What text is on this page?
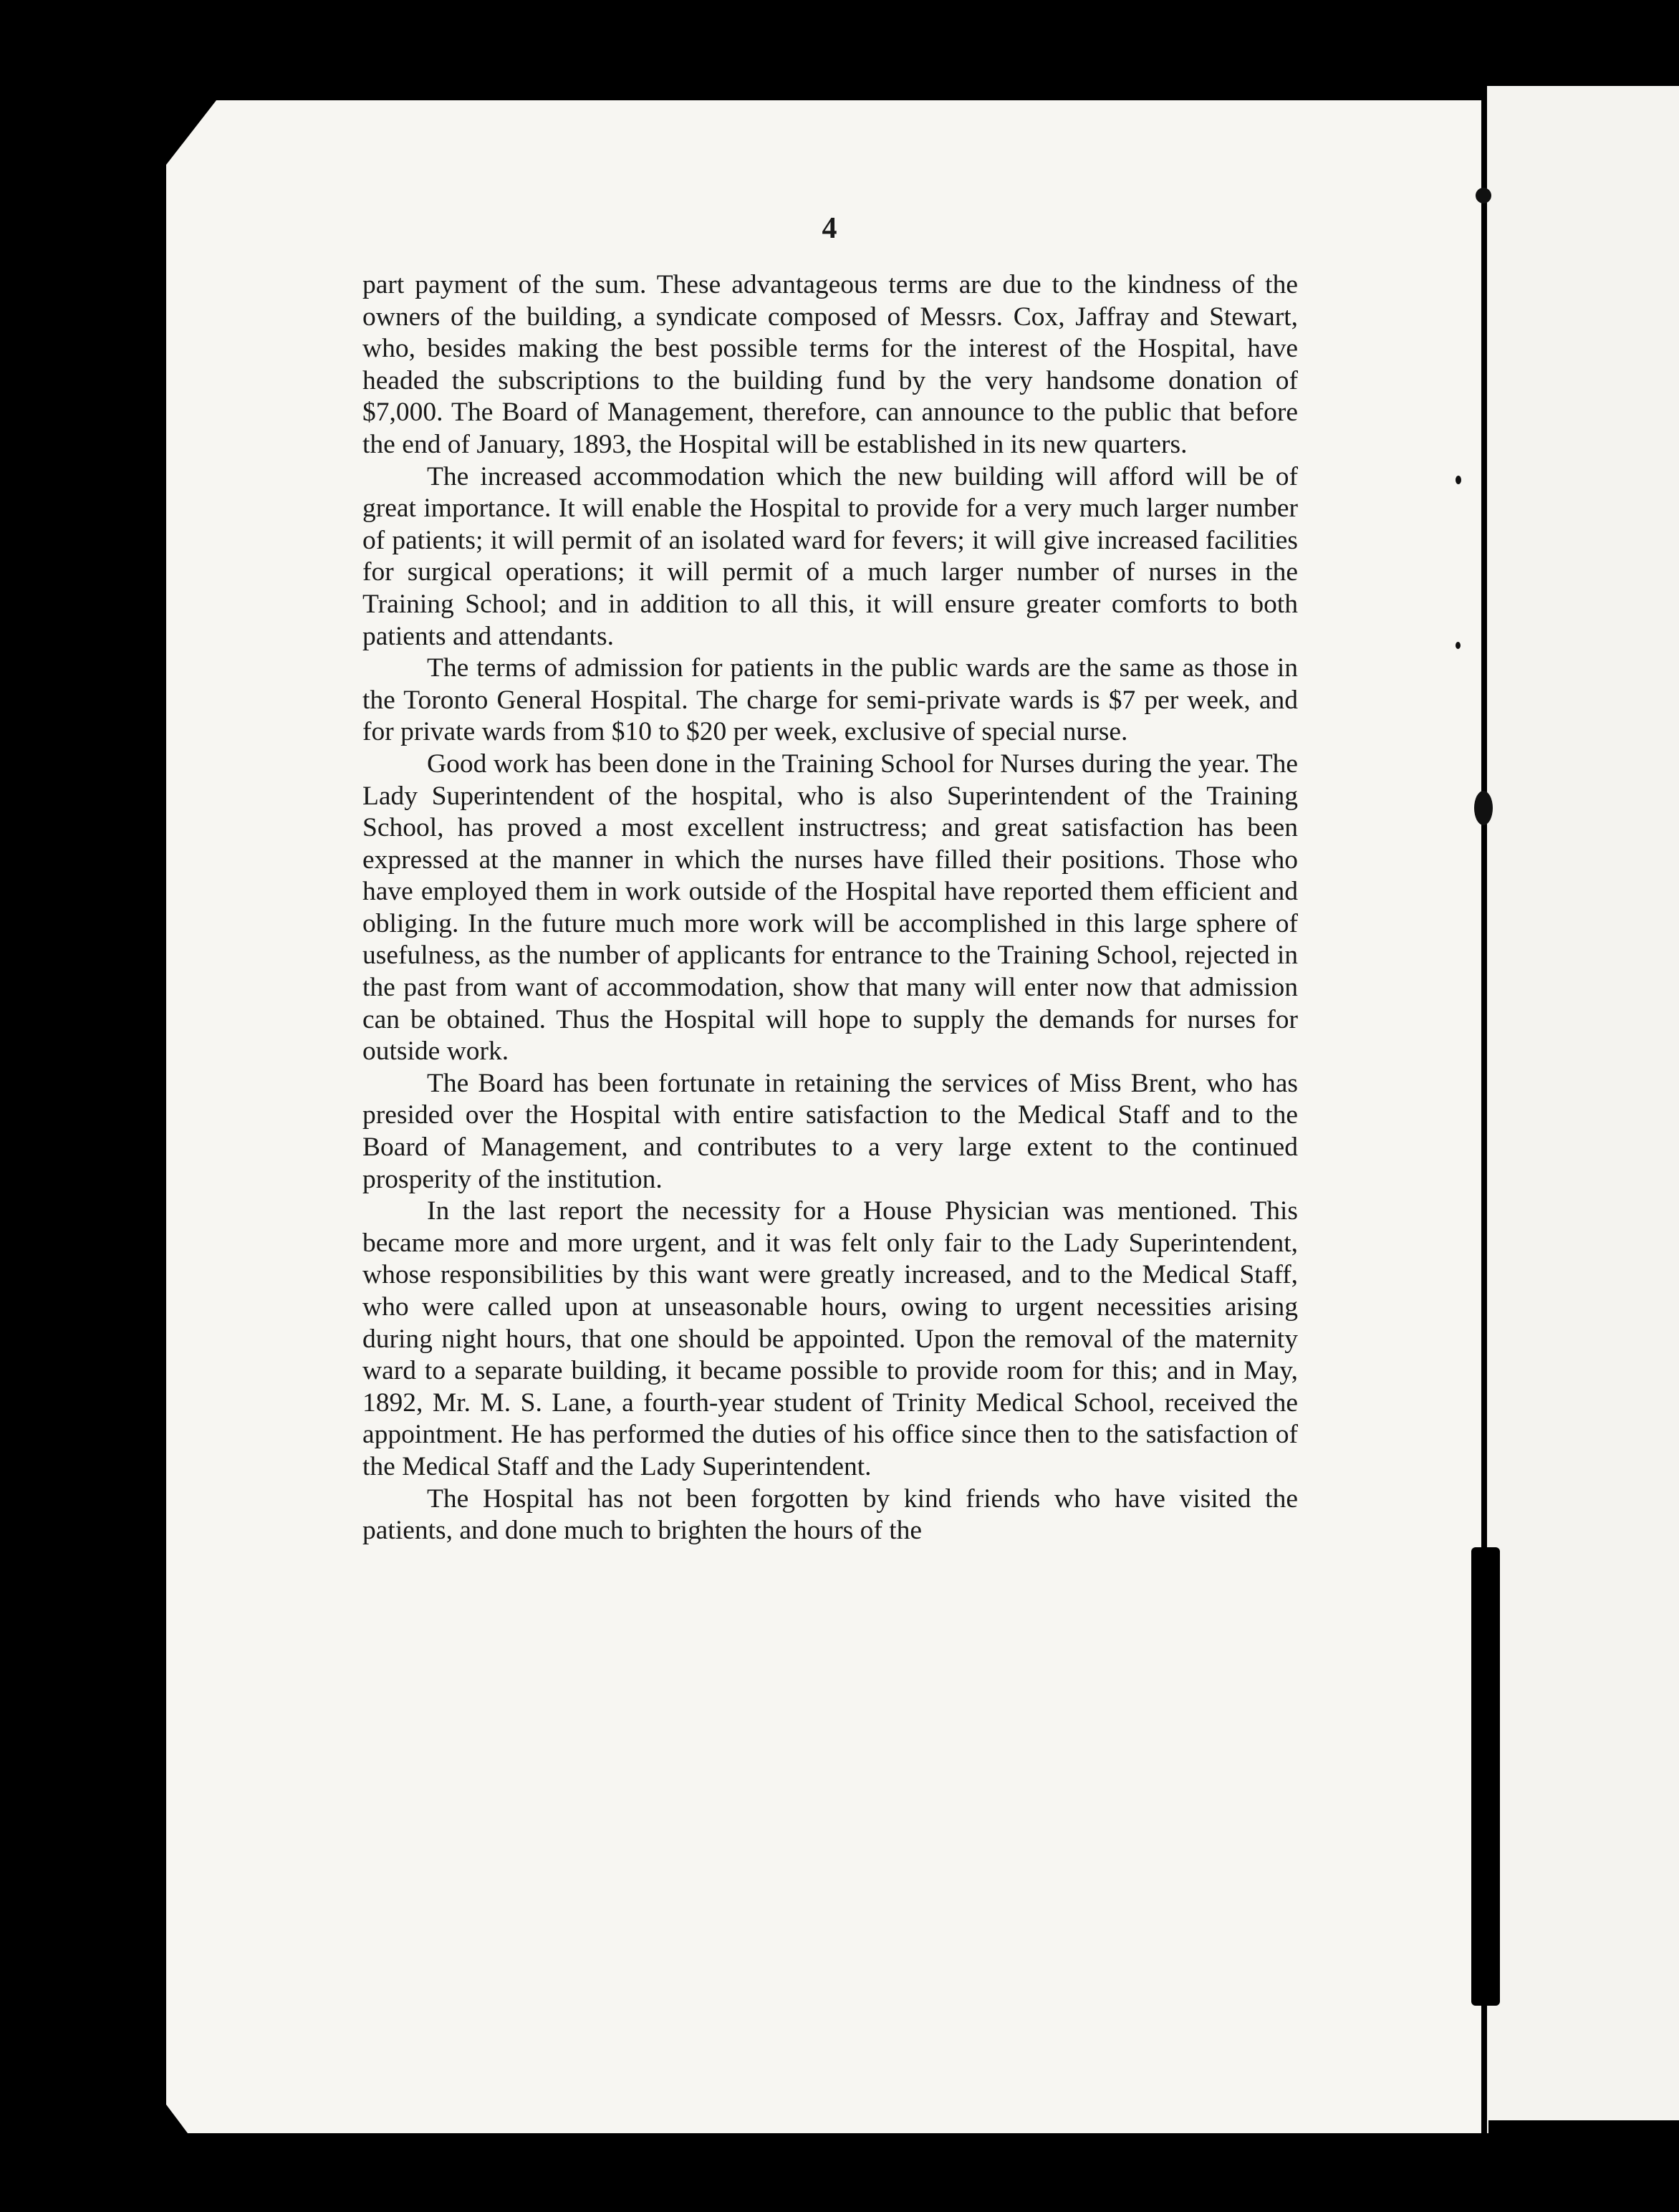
4

part payment of the sum. These advantageous terms are due to the kindness of the owners of the building, a syndicate composed of Messrs. Cox, Jaffray and Stewart, who, besides making the best possible terms for the interest of the Hospital, have headed the subscriptions to the building fund by the very handsome donation of $7,000. The Board of Management, therefore, can announce to the public that before the end of January, 1893, the Hospital will be established in its new quarters.

The increased accommodation which the new building will afford will be of great importance. It will enable the Hospital to provide for a very much larger number of patients; it will permit of an isolated ward for fevers; it will give increased facilities for surgical operations; it will permit of a much larger number of nurses in the Training School; and in addition to all this, it will ensure greater comforts to both patients and attendants.

The terms of admission for patients in the public wards are the same as those in the Toronto General Hospital. The charge for semi-private wards is $7 per week, and for private wards from $10 to $20 per week, exclusive of special nurse.

Good work has been done in the Training School for Nurses during the year. The Lady Superintendent of the hospital, who is also Superintendent of the Training School, has proved a most excellent instructress; and great satisfaction has been expressed at the manner in which the nurses have filled their positions. Those who have employed them in work outside of the Hospital have reported them efficient and obliging. In the future much more work will be accomplished in this large sphere of usefulness, as the number of applicants for entrance to the Training School, rejected in the past from want of accommodation, show that many will enter now that admission can be obtained. Thus the Hospital will hope to supply the demands for nurses for outside work.

The Board has been fortunate in retaining the services of Miss Brent, who has presided over the Hospital with entire satisfaction to the Medical Staff and to the Board of Management, and contributes to a very large extent to the continued prosperity of the institution.

In the last report the necessity for a House Physician was mentioned. This became more and more urgent, and it was felt only fair to the Lady Superintendent, whose responsibilities by this want were greatly increased, and to the Medical Staff, who were called upon at unseasonable hours, owing to urgent necessities arising during night hours, that one should be appointed. Upon the removal of the maternity ward to a separate building, it became possible to provide room for this; and in May, 1892, Mr. M. S. Lane, a fourth-year student of Trinity Medical School, received the appointment. He has performed the duties of his office since then to the satisfaction of the Medical Staff and the Lady Superintendent.

The Hospital has not been forgotten by kind friends who have visited the patients, and done much to brighten the hours of the
